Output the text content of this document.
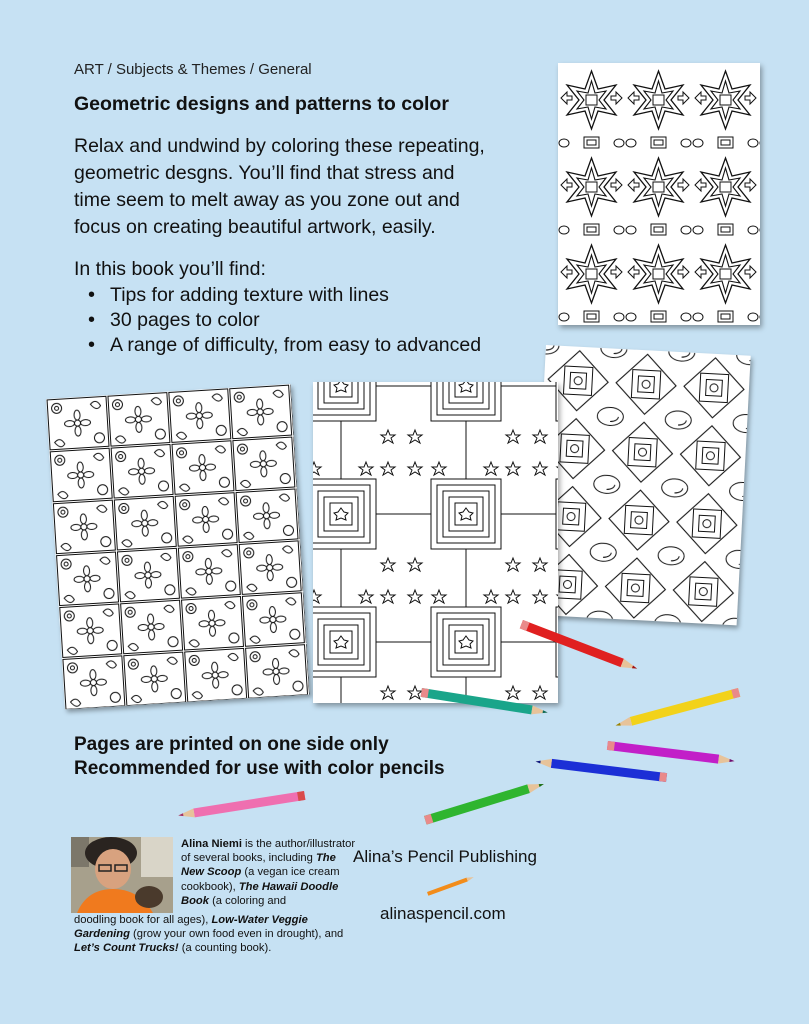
ART / Subjects & Themes / General
Geometric designs and patterns to color
Relax and undwind by coloring these repeating,
geometric desgns. You’ll find that stress and
time seem to melt away as you zone out and
focus on creating beautiful artwork, easily.
In this book you’ll find:
• Tips for adding texture with lines
• 30 pages to color
• A range of difficulty, from easy to advanced
Pages are printed on one side only
Recommended for use with color pencils
Alina Niemi is the author/illustrator of several books, including The New Scoop (a vegan ice cream cookbook), The Hawaii Doodle Book (a coloring and
doodling book for all ages), Low-Water Veggie Gardening (grow your own food even in drought), and Let’s Count Trucks! (a counting book).
Alina’s Pencil Publishing
alinaspencil.com
